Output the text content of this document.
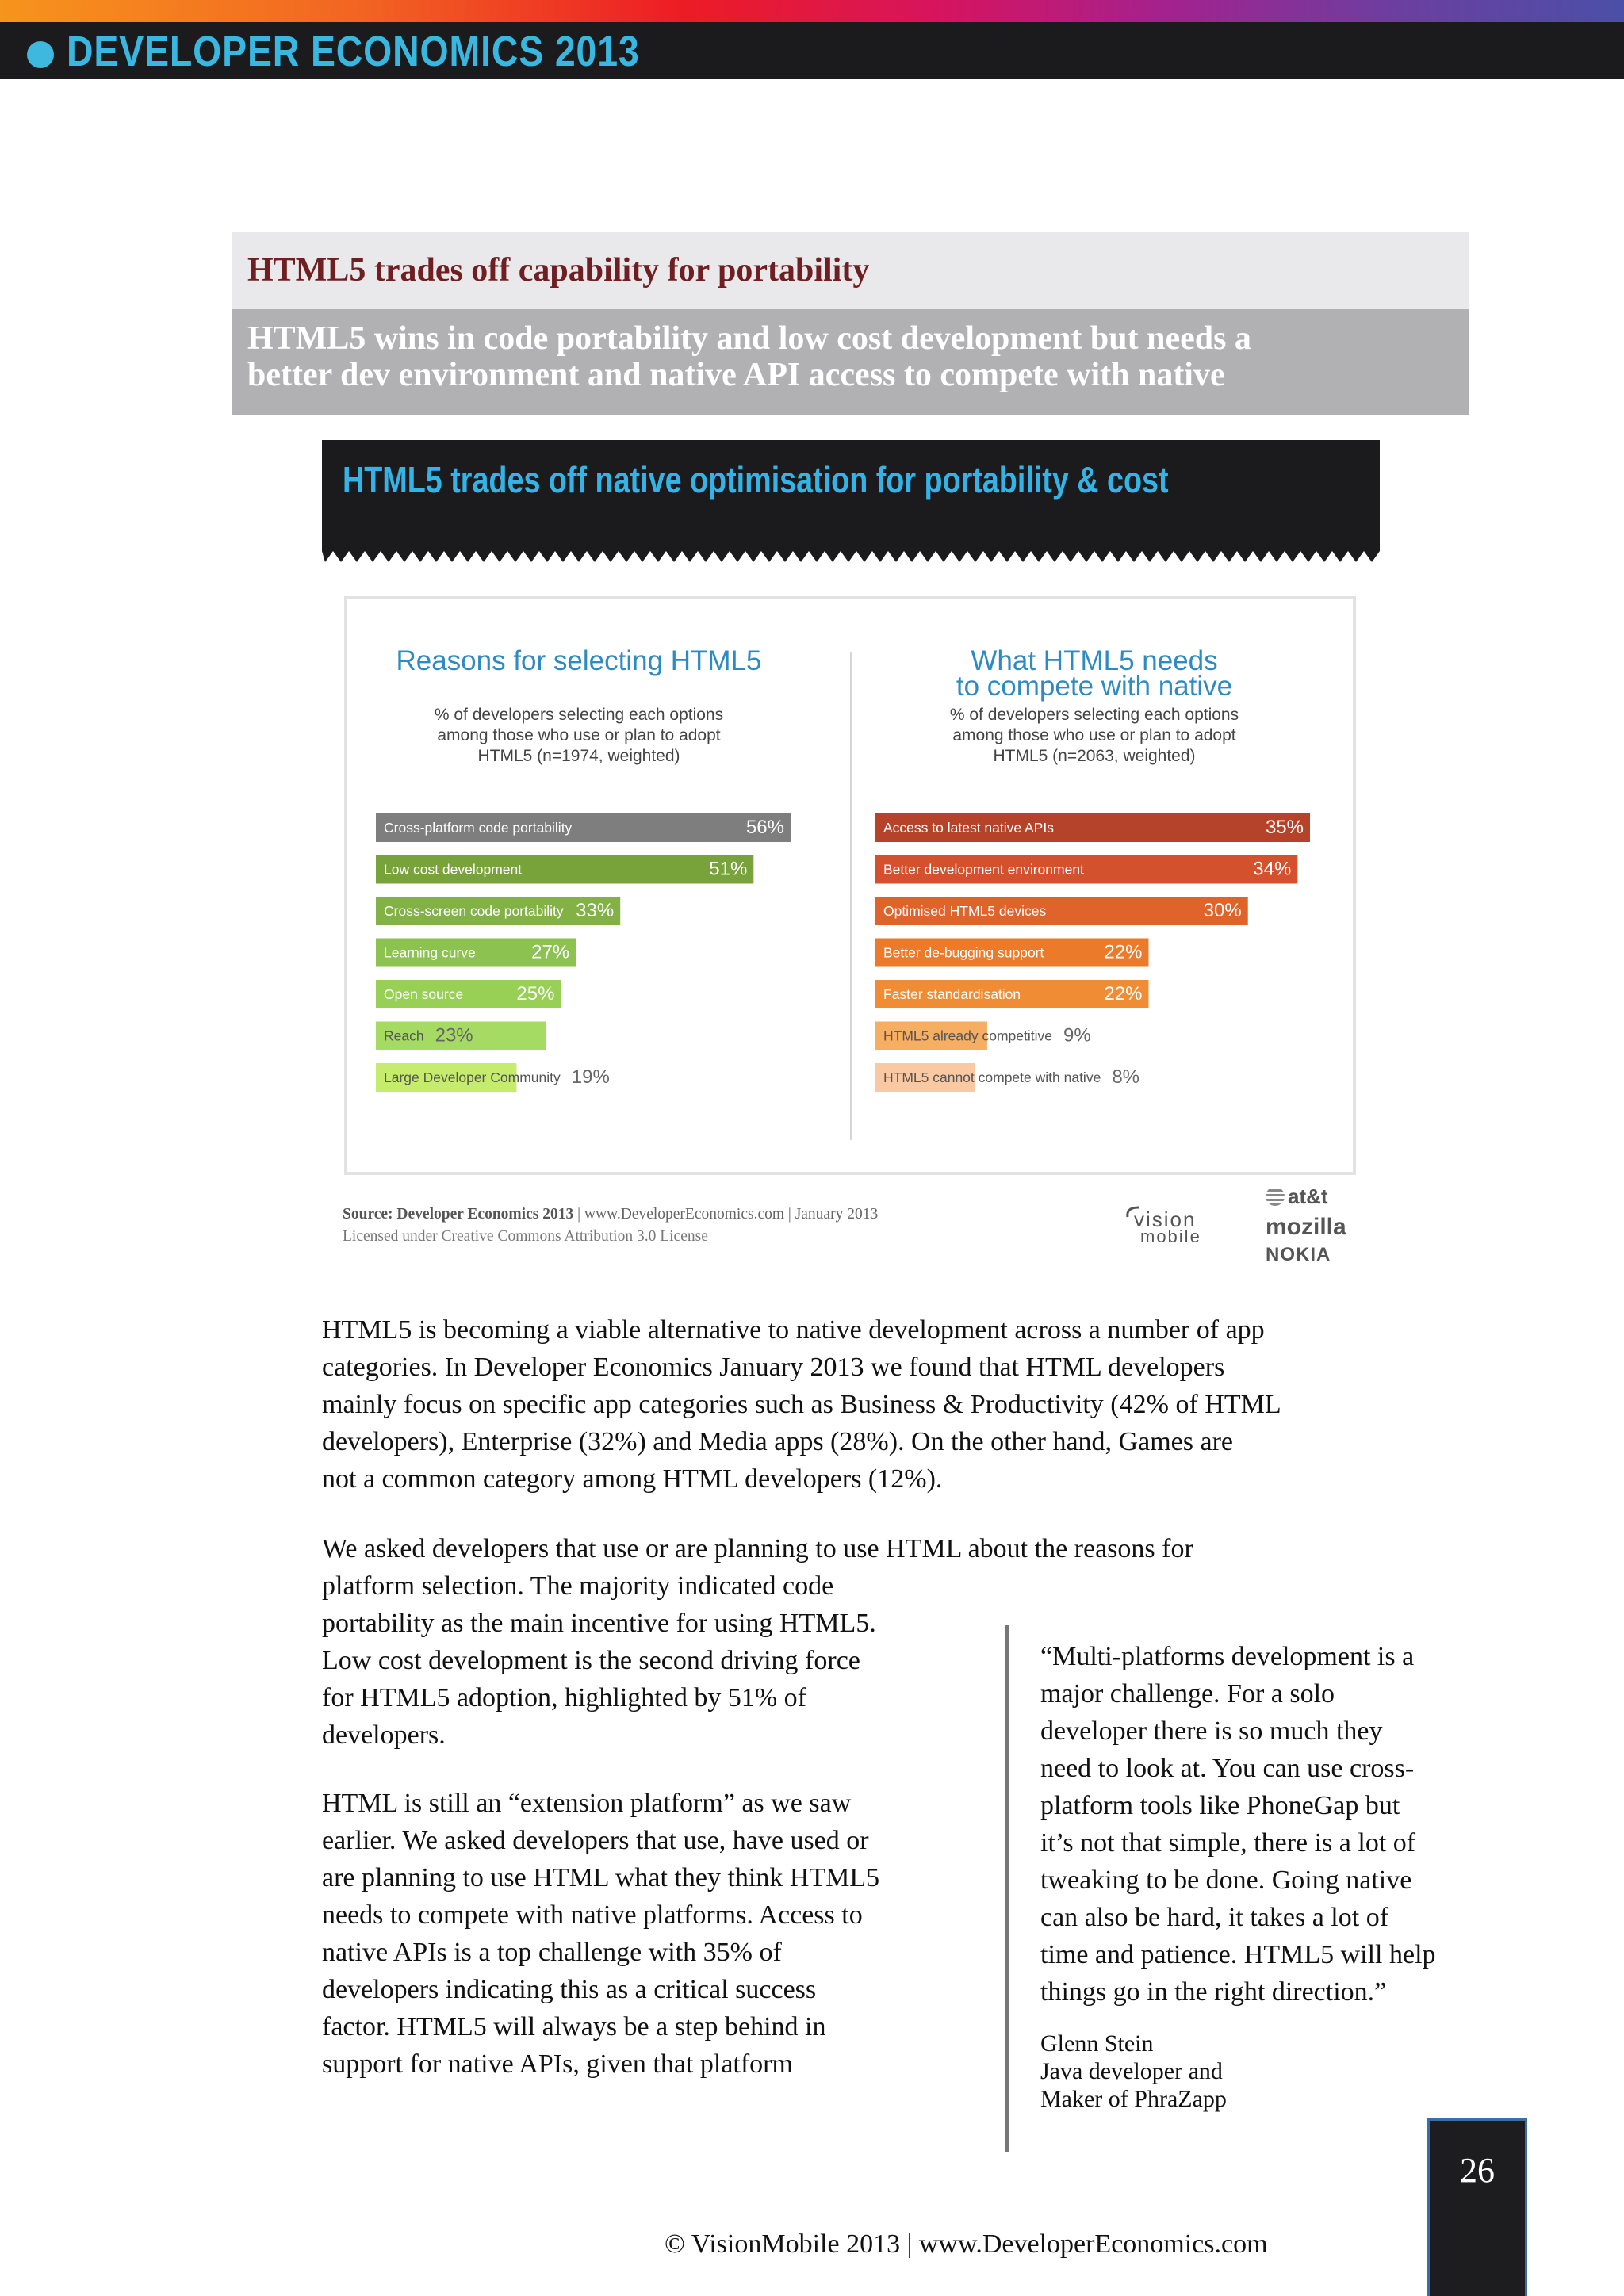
DEVELOPER ECONOMICS 2013
HTML5 trades off capability for portability
HTML5 wins in code portability and low cost development but needs a
better dev environment and native API access to compete with native
HTML5 trades off native optimisation for portability & cost
Reasons for selecting HTML5
% of developers selecting each options
among those who use or plan to adopt
HTML5 (n=1974, weighted)
What HTML5 needs
to compete with native
% of developers selecting each options
among those who use or plan to adopt
HTML5 (n=2063, weighted)
Cross-platform code portability	56%
Low cost development	51%
Cross-screen code portability 33%
Learning curve	27%
Open source	25%
Reach 23%
Large Developer Community 19%
Access to latest native APIs	35%
Better development environment	34%
Optimised HTML5 devices	30%
Better de-bugging support	22%
Faster standardisation	22%
HTML5 already competitive 9%
HTML5 cannot compete with native 8%
Source: Developer Economics 2013 | www.DeveloperEconomics.com | January 2013
Licensed under Creative Commons Attribution 3.0 License
vision
mobile
at&t
mozilla
NOKIA
HTML5 is becoming a viable alternative to native development across a number of app
categories. In Developer Economics January 2013 we found that HTML developers
mainly focus on specific app categories such as Business & Productivity (42% of HTML
developers), Enterprise (32%) and Media apps (28%). On the other hand, Games are
not a common category among HTML developers (12%).
We asked developers that use or are planning to use HTML about the reasons for
platform selection. The majority indicated code
portability as the main incentive for using HTML5.
Low cost development is the second driving force
for HTML5 adoption, highlighted by 51% of
developers.
HTML is still an “extension platform” as we saw
earlier. We asked developers that use, have used or
are planning to use HTML what they think HTML5
needs to compete with native platforms. Access to
native APIs is a top challenge with 35% of
developers indicating this as a critical success
factor. HTML5 will always be a step behind in
support for native APIs, given that platform
“Multi-platforms development is a
major challenge. For a solo
developer there is so much they
need to look at. You can use cross-
platform tools like PhoneGap but
it’s not that simple, there is a lot of
tweaking to be done. Going native
can also be hard, it takes a lot of
time and patience. HTML5 will help
things go in the right direction.”
Glenn Stein
Java developer and
Maker of PhraZapp
© VisionMobile 2013 | www.DeveloperEconomics.com
26
